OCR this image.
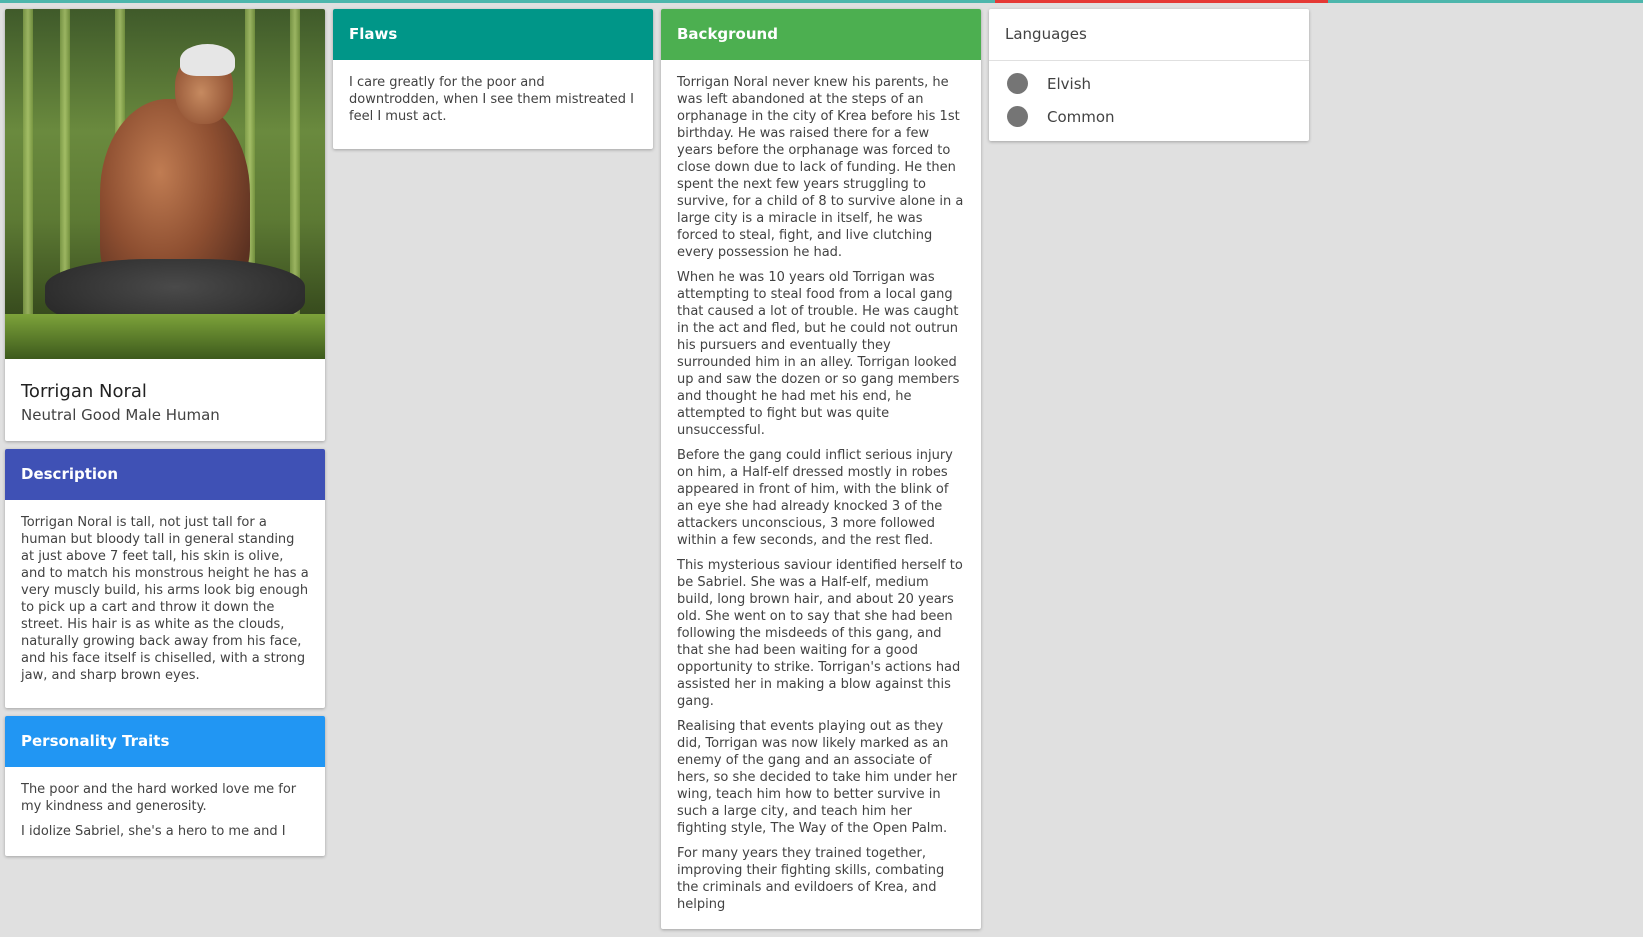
Torrigan Noral
Neutral Good Male Human
Description

Torrigan Noral is tall, not just tall for a human but bloody tall in general standing at just above 7 feet tall, his skin is olive, and to match his monstrous height he has a very muscly build, his arms look big enough to pick up a cart and throw it down the street. His hair is as white as the clouds, naturally growing back away from his face, and his face itself is chiselled, with a strong jaw, and sharp brown eyes.

Personality Traits

The poor and the hard worked love me for my kindness and generosity.

I idolize Sabriel, she's a hero to me and I

Flaws

I care greatly for the poor and downtrodden, when I see them mistreated I feel I must act.

Background

Torrigan Noral never knew his parents, he was left abandoned at the steps of an orphanage in the city of Krea before his 1st birthday. He was raised there for a few years before the orphanage was forced to close down due to lack of funding. He then spent the next few years struggling to survive, for a child of 8 to survive alone in a large city is a miracle in itself, he was forced to steal, fight, and live clutching every possession he had.

When he was 10 years old Torrigan was attempting to steal food from a local gang that caused a lot of trouble. He was caught in the act and fled, but he could not outrun his pursuers and eventually they surrounded him in an alley. Torrigan looked up and saw the dozen or so gang members and thought he had met his end, he attempted to fight but was quite unsuccessful.

Before the gang could inflict serious injury on him, a Half-elf dressed mostly in robes appeared in front of him, with the blink of an eye she had already knocked 3 of the attackers unconscious, 3 more followed within a few seconds, and the rest fled.

This mysterious saviour identified herself to be Sabriel. She was a Half-elf, medium build, long brown hair, and about 20 years old. She went on to say that she had been following the misdeeds of this gang, and that she had been waiting for a good opportunity to strike. Torrigan's actions had assisted her in making a blow against this gang.

Realising that events playing out as they did, Torrigan was now likely marked as an enemy of the gang and an associate of hers, so she decided to take him under her wing, teach him how to better survive in such a large city, and teach him her fighting style, The Way of the Open Palm.

For many years they trained together, improving their fighting skills, combating the criminals and evildoers of Krea, and helping

Languages
Elvish
Common
